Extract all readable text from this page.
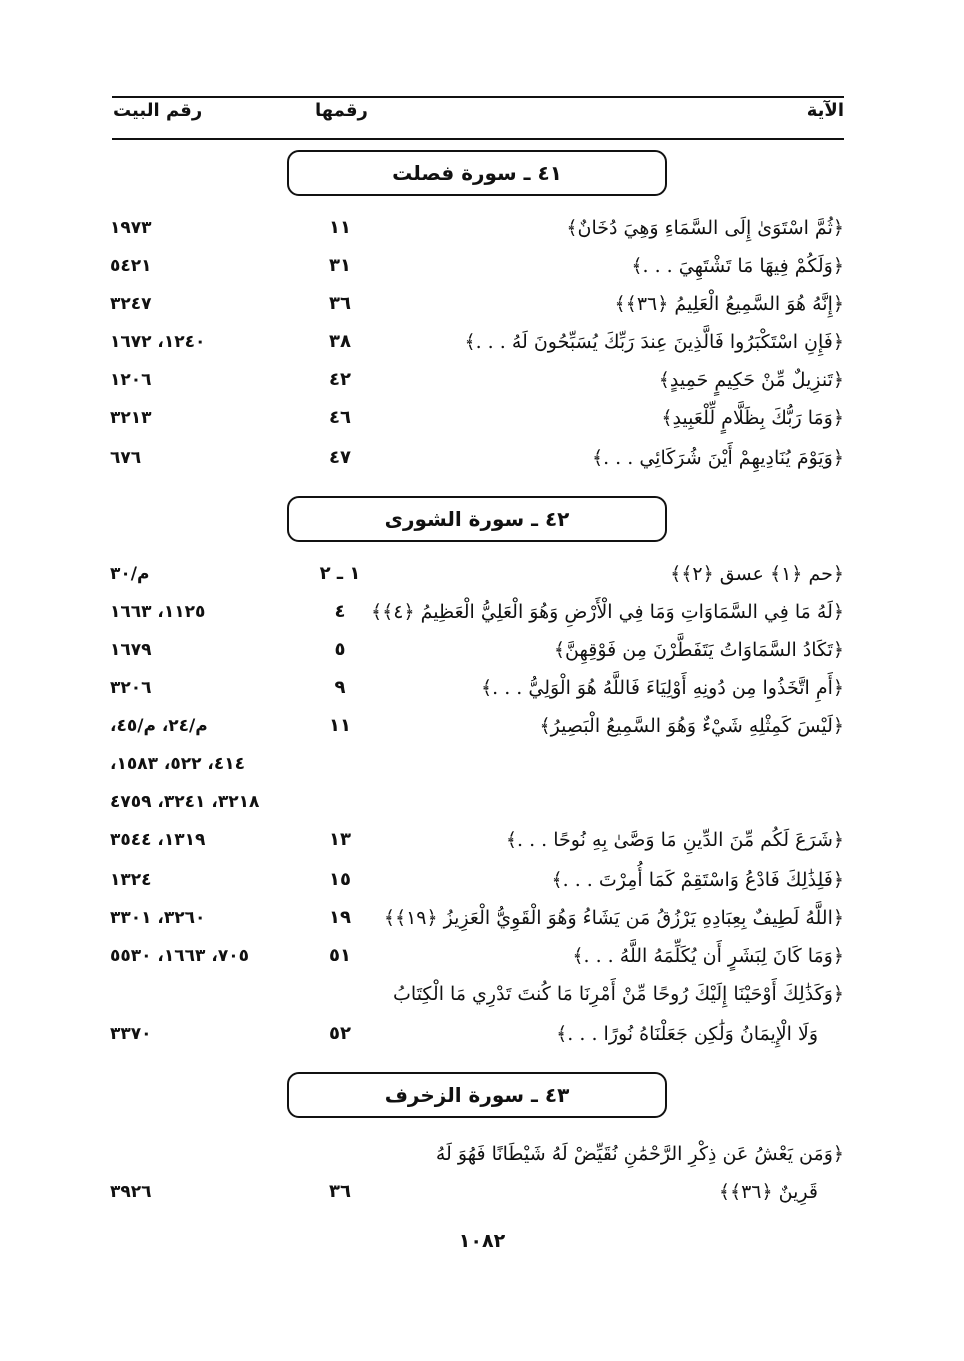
الآية
رقمها
رقم البيت
٤١ ـ سورة فصلت
﴿ثُمَّ اسْتَوَىٰ إِلَى السَّمَاءِ وَهِيَ دُخَانٌ﴾
١١
١٩٧٣
﴿وَلَكُمْ فِيهَا مَا تَشْتَهِيَ . . .﴾
٣١
٥٤٢١
﴿إِنَّهُ هُوَ السَّمِيعُ الْعَلِيمُ ﴿٣٦﴾﴾
٣٦
٣٢٤٧
﴿فَإِنِ اسْتَكْبَرُوا فَالَّذِينَ عِندَ رَبِّكَ يُسَبِّحُونَ لَهُ . . .﴾
٣٨
١٢٤٠، ١٦٧٢
﴿تَنزِيلٌ مِّنْ حَكِيمٍ حَمِيدٍ﴾
٤٢
١٢٠٦
﴿وَمَا رَبُّكَ بِظَلَّامٍ لِّلْعَبِيدِ﴾
٤٦
٣٢١٣
﴿وَيَوْمَ يُنَادِيهِمْ أَيْنَ شُرَكَائِي . . .﴾
٤٧
٦٧٦
٤٢ ـ سورة الشورى
﴿حم ﴿١﴾ عسق ﴿٢﴾﴾
١ ـ ٢
م/٣٠
﴿لَهُ مَا فِي السَّمَاوَاتِ وَمَا فِي الْأَرْضِ وَهُوَ الْعَلِيُّ الْعَظِيمُ ﴿٤﴾﴾
٤
١١٢٥، ١٦٦٣
﴿تَكَادُ السَّمَاوَاتُ يَتَفَطَّرْنَ مِن فَوْقِهِنَّ﴾
٥
١٦٧٩
﴿أَمِ اتَّخَذُوا مِن دُونِهِ أَوْلِيَاءَ فَاللَّهُ هُوَ الْوَلِيُّ . . .﴾
٩
٣٢٠٦
﴿لَيْسَ كَمِثْلِهِ شَيْءٌ وَهُوَ السَّمِيعُ الْبَصِيرُ﴾
١١
م/٢٤، م/٤٥،
٤١٤، ٥٢٢، ١٥٨٣،
٣٢١٨، ٣٢٤١، ٤٧٥٩
﴿شَرَعَ لَكُم مِّنَ الدِّينِ مَا وَصَّىٰ بِهِ نُوحًا . . .﴾
١٣
١٣١٩، ٣٥٤٤
﴿فَلِذَٰلِكَ فَادْعُ وَاسْتَقِمْ كَمَا أُمِرْتَ . . .﴾
١٥
١٣٢٤
﴿اللَّهُ لَطِيفٌ بِعِبَادِهِ يَرْزُقُ مَن يَشَاءُ وَهُوَ الْقَوِيُّ الْعَزِيزُ ﴿١٩﴾﴾
١٩
٣٢٦٠، ٣٣٠١
﴿وَمَا كَانَ لِبَشَرٍ أَن يُكَلِّمَهُ اللَّهُ . . .﴾
٥١
٧٠٥، ١٦٦٣، ٥٥٣٠
﴿وَكَذَٰلِكَ أَوْحَيْنَا إِلَيْكَ رُوحًا مِّنْ أَمْرِنَا مَا كُنتَ تَدْرِي مَا الْكِتَابُ
وَلَا الْإِيمَانُ وَلَٰكِن جَعَلْنَاهُ نُورًا . . .﴾
٥٢
٣٣٧٠
٤٣ ـ سورة الزخرف
﴿وَمَن يَعْشُ عَن ذِكْرِ الرَّحْمَٰنِ نُقَيِّضْ لَهُ شَيْطَانًا فَهُوَ لَهُ
قَرِينٌ ﴿٣٦﴾﴾
٣٦
٣٩٢٦
١٠٨٢
